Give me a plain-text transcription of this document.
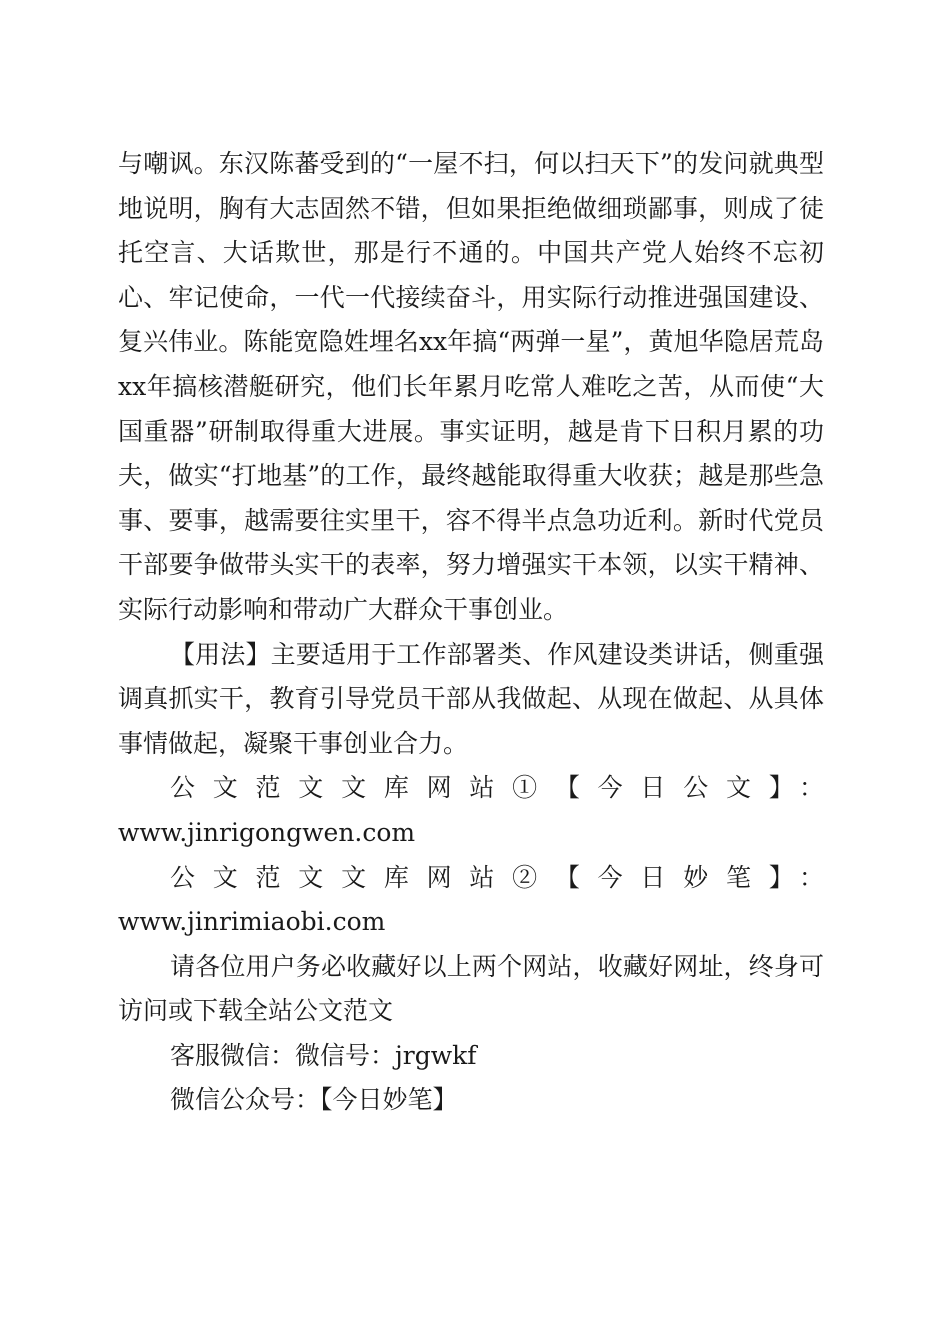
与嘲讽。东汉陈蕃受到的“一屋不扫，何以扫天下”的发问就典型地说明，胸有大志固然不错，但如果拒绝做细琐鄙事，则成了徒托空言、大话欺世，那是行不通的。中国共产党人始终不忘初心、牢记使命，一代一代接续奋斗，用实际行动推进强国建设、复兴伟业。陈能宽隐姓埋名xx年搞“两弹一星”，黄旭华隐居荒岛xx年搞核潜艇研究，他们长年累月吃常人难吃之苦，从而使“大国重器”研制取得重大进展。事实证明，越是肯下日积月累的功夫，做实“打地基”的工作，最终越能取得重大收获；越是那些急事、要事，越需要往实里干，容不得半点急功近利。新时代党员干部要争做带头实干的表率，努力增强实干本领，以实干精神、实际行动影响和带动广大群众干事创业。

【用法】主要适用于工作部署类、作风建设类讲话，侧重强调真抓实干，教育引导党员干部从我做起、从现在做起、从具体事情做起，凝聚干事创业合力。

公文范文文库网站①【今日公文】：

www.jinrigongwen.com

公文范文文库网站②【今日妙笔】：www.jinrimiaobi.com

请各位用户务必收藏好以上两个网站，收藏好网址，终身可访问或下载全站公文范文

客服微信：微信号：jrgwkf

微信公众号：【今日妙笔】
